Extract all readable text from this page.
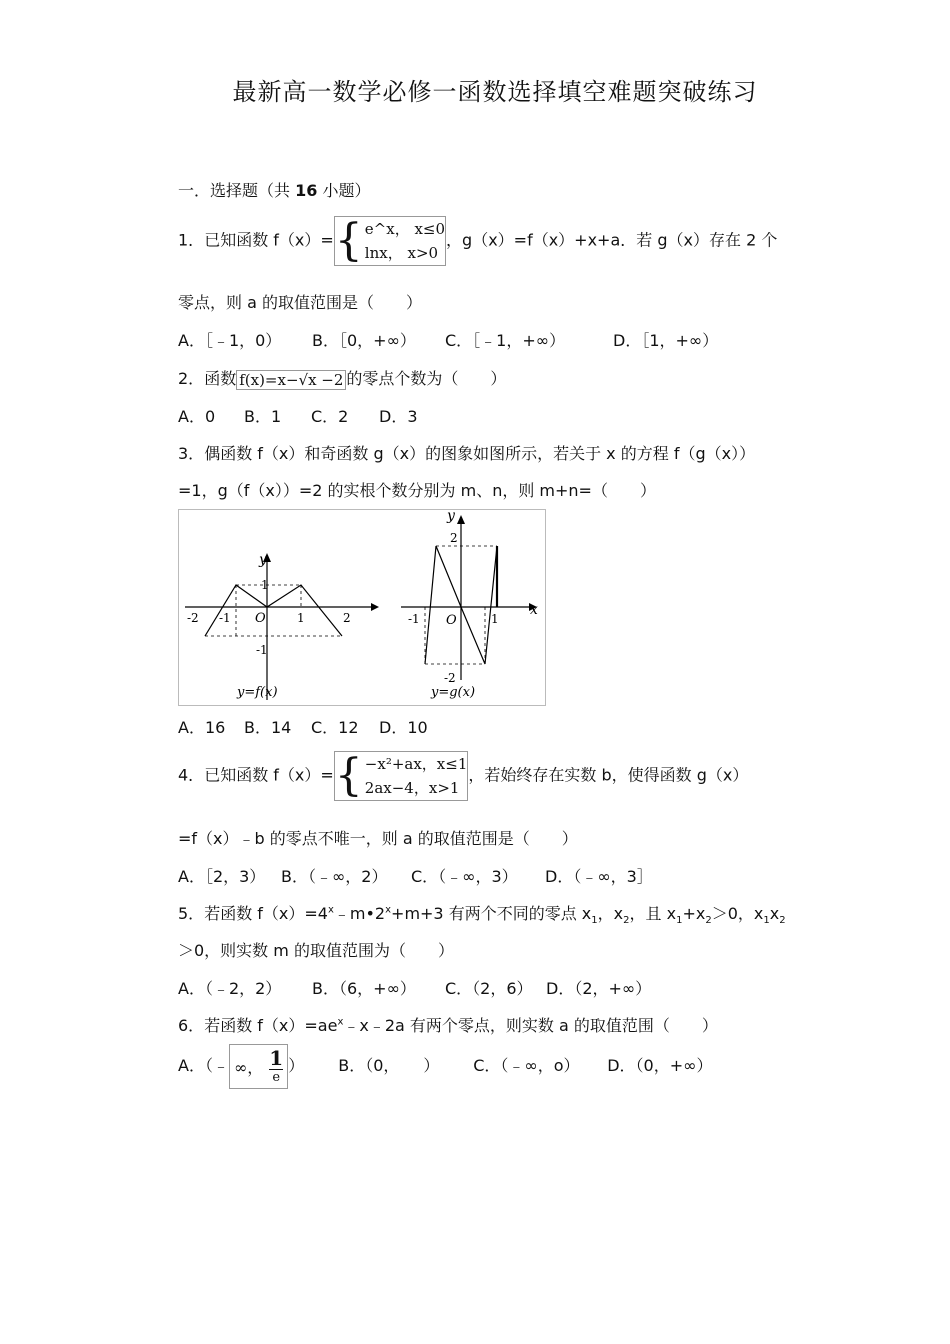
最新高一数学必修一函数选择填空难题突破练习
一．选择题（共 16 小题）
1．已知函数 f（x）= { e^x， x≤0
lnx， x>0
，g（x）=f（x）+x+a．若 g（x）存在 2 个
零点，则 a 的取值范围是（　　）
A．［﹣1，0） B．［0，+∞） C．［﹣1，+∞）	D．［1，+∞）
2．函数 f(x)=x−√x −2 的零点个数为（　　）
A．0 B．1 C．2 D．3
3．偶函数 f（x）和奇函数 g（x）的图象如图所示，若关于 x 的方程 f（g（x））
=1，g（f（x））=2 的实根个数分别为 m、n，则 m+n=（　　）
y
1
-1
-2 -1 O	1	2
y=f(x)
y
x
2
-2
-1 O	1
y=g(x)
A．16 B．14 C．12 D．10
4．已知函数 f（x）= { −x²+ax，x≤1
2ax−4，x>1
，若始终存在实数 b，使得函数 g（x）
=f（x）﹣b 的零点不唯一，则 a 的取值范围是（　　）
A．［2，3） B．（﹣∞，2） C．（﹣∞，3） D．（﹣∞，3］
5．若函数 $f(x)=4^x﹣m•2^x+m+3$ 有两个不同的零点 $x_1$，$x_2$，且 $x_1+x_2>0$，$x_1x_2$
＞0，则实数 m 的取值范围为（　　）
A．（﹣2，2） B．（6，+∞） C．（2，6） D．（2，+∞）
6．若函数 $f(x)=ae^x﹣x﹣2a$ 有两个零点，则实数 a 的取值范围（　　）
A．（﹣ ∞， 1
e
） B．（0，　　） C．（﹣∞，o） D．（0，+∞）
